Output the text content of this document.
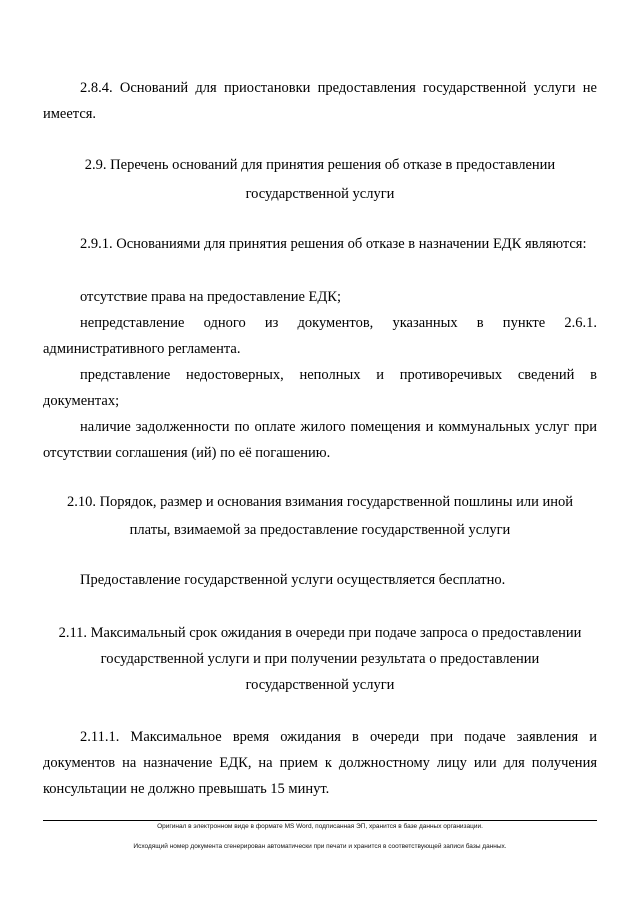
2.8.4. Оснований для приостановки предоставления государственной услуги не имеется.

2.9. Перечень оснований для принятия решения об отказе в предоставлении

государственной услуги

2.9.1. Основаниями для принятия решения об отказе в назначении ЕДК являются:

отсутствие права на предоставление ЕДК;

непредставление одного из документов, указанных в пункте 2.6.1. административного регламента.

представление недостоверных, неполных и противоречивых сведений в документах;

наличие задолженности по оплате жилого помещения и коммунальных услуг при отсутствии соглашения (ий) по её погашению.

2.10. Порядок, размер и основания взимания государственной пошлины или иной

платы, взимаемой за предоставление государственной услуги

Предоставление государственной услуги осуществляется бесплатно.

2.11. Максимальный срок ожидания в очереди при подаче запроса о предоставлении

государственной услуги и при получении результата о предоставлении

государственной услуги

2.11.1. Максимальное время ожидания в очереди при подаче заявления и документов на назначение ЕДК, на прием к должностному лицу или для получения консультации не должно превышать 15 минут.

Оригинал в электронном виде в формате MS Word, подписанная ЭП, хранится в базе данных организации.
Исходящий номер документа сгенерирован автоматически при печати и хранится в соответствующей записи базы данных.
